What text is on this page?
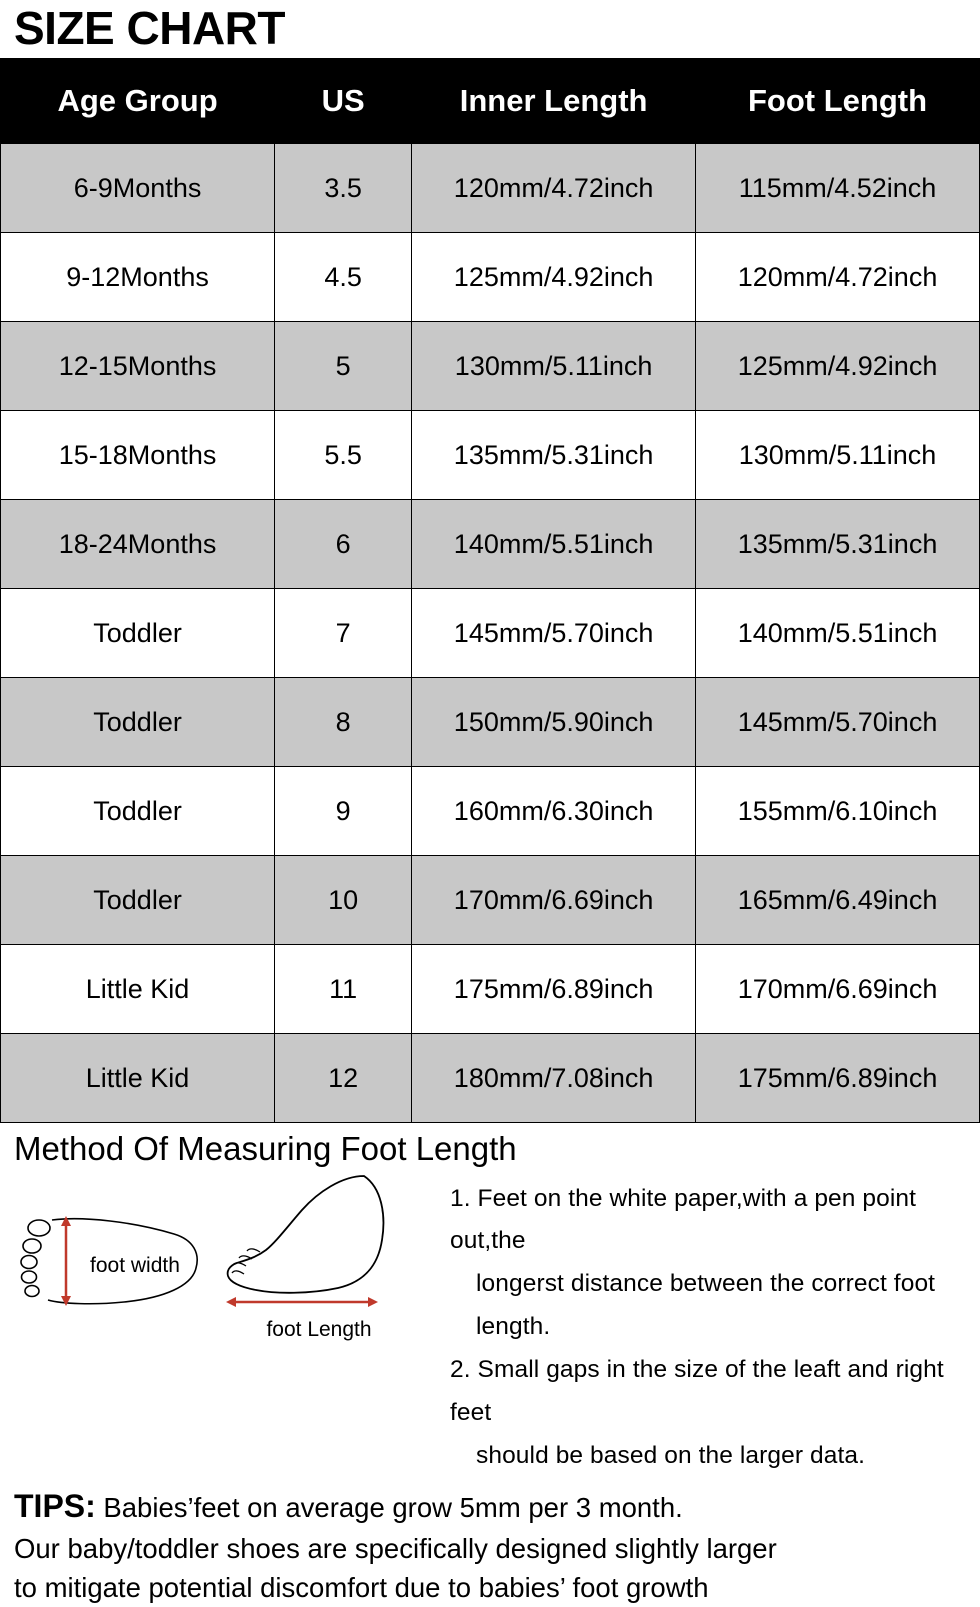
SIZE CHART
Age Group	US	Inner Length	Foot Length
6-9Months	3.5	120mm/4.72inch	115mm/4.52inch
9-12Months	4.5	125mm/4.92inch	120mm/4.72inch
12-15Months	5	130mm/5.11inch	125mm/4.92inch
15-18Months	5.5	135mm/5.31inch	130mm/5.11inch
18-24Months	6	140mm/5.51inch	135mm/5.31inch
Toddler	7	145mm/5.70inch	140mm/5.51inch
Toddler	8	150mm/5.90inch	145mm/5.70inch
Toddler	9	160mm/6.30inch	155mm/6.10inch
Toddler	10	170mm/6.69inch	165mm/6.49inch
Little Kid	11	175mm/6.89inch	170mm/6.69inch
Little Kid	12	180mm/7.08inch	175mm/6.89inch
Method Of Measuring Foot Length
foot width
foot Length
1. Feet on the white paper,with a pen point out,the
longerst distance between the correct foot length.
2. Small gaps in the size of the leaft and right feet
should be based on the larger data.
TIPS: Babies’feet on average grow 5mm per 3 month.
Our baby/toddler shoes are specifically designed slightly larger
to mitigate potential discomfort due to babies’ foot growth
